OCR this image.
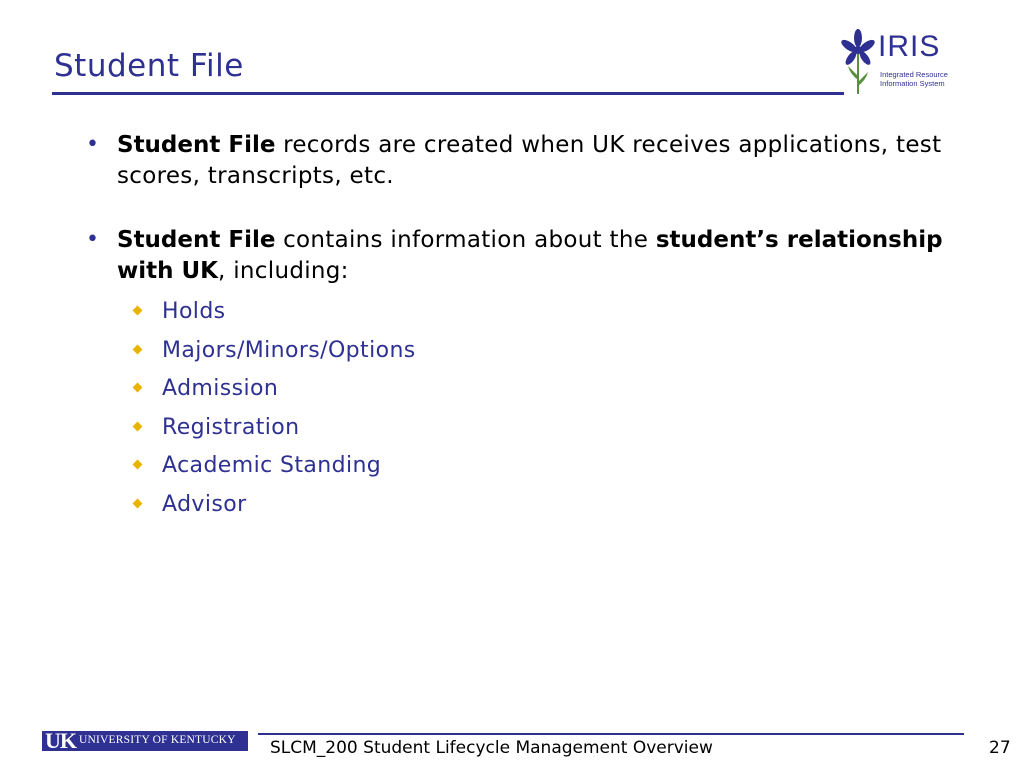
Student File
IRIS
Integrated Resource
Information System
• Student File records are created when UK receives applications, test scores, transcripts, etc.
• Student File contains information about the student’s relationship with UK, including:
Holds
Majors/Minors/Options
Admission
Registration
Academic Standing
Advisor
UK UNIVERSITY OF KENTUCKY SLCM_200 Student Lifecycle Management Overview	27
